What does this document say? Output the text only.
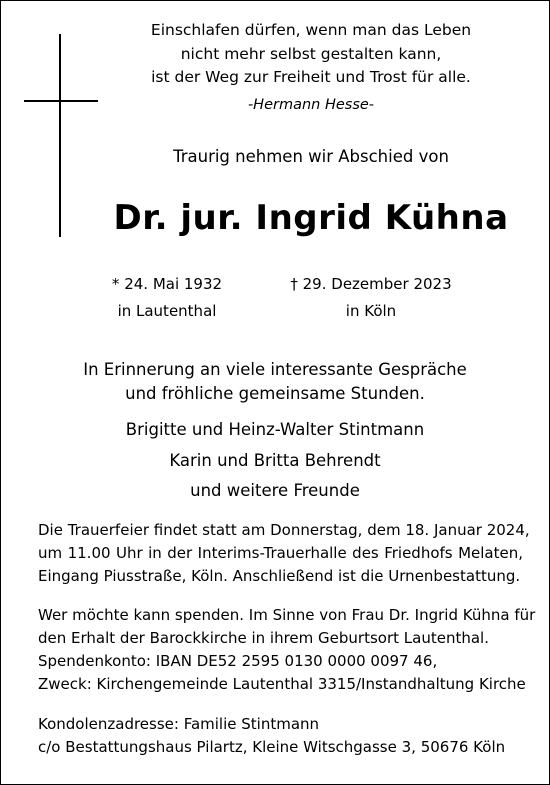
Einschlafen dürfen, wenn man das Leben
nicht mehr selbst gestalten kann,
ist der Weg zur Freiheit und Trost für alle.
-Hermann Hesse-
Traurig nehmen wir Abschied von
Dr. jur. Ingrid Kühna
* 24. Mai 1932
in Lautenthal
† 29. Dezember 2023
in Köln
In Erinnerung an viele interessante Gespräche
und fröhliche gemeinsame Stunden.
Brigitte und Heinz-Walter Stintmann
Karin und Britta Behrendt
und weitere Freunde
Die Trauerfeier findet statt am Donnerstag, dem 18. Januar 2024,
um 11.00 Uhr in der Interims-Trauerhalle des Friedhofs Melaten,
Eingang Piusstraße, Köln. Anschließend ist die Urnenbestattung.
Wer möchte kann spenden. Im Sinne von Frau Dr. Ingrid Kühna für
den Erhalt der Barockkirche in ihrem Geburtsort Lautenthal.
Spendenkonto: IBAN DE52 2595 0130 0000 0097 46,
Zweck: Kirchengemeinde Lautenthal 3315/Instandhaltung Kirche
Kondolenzadresse: Familie Stintmann
c/o Bestattungshaus Pilartz, Kleine Witschgasse 3, 50676 Köln
